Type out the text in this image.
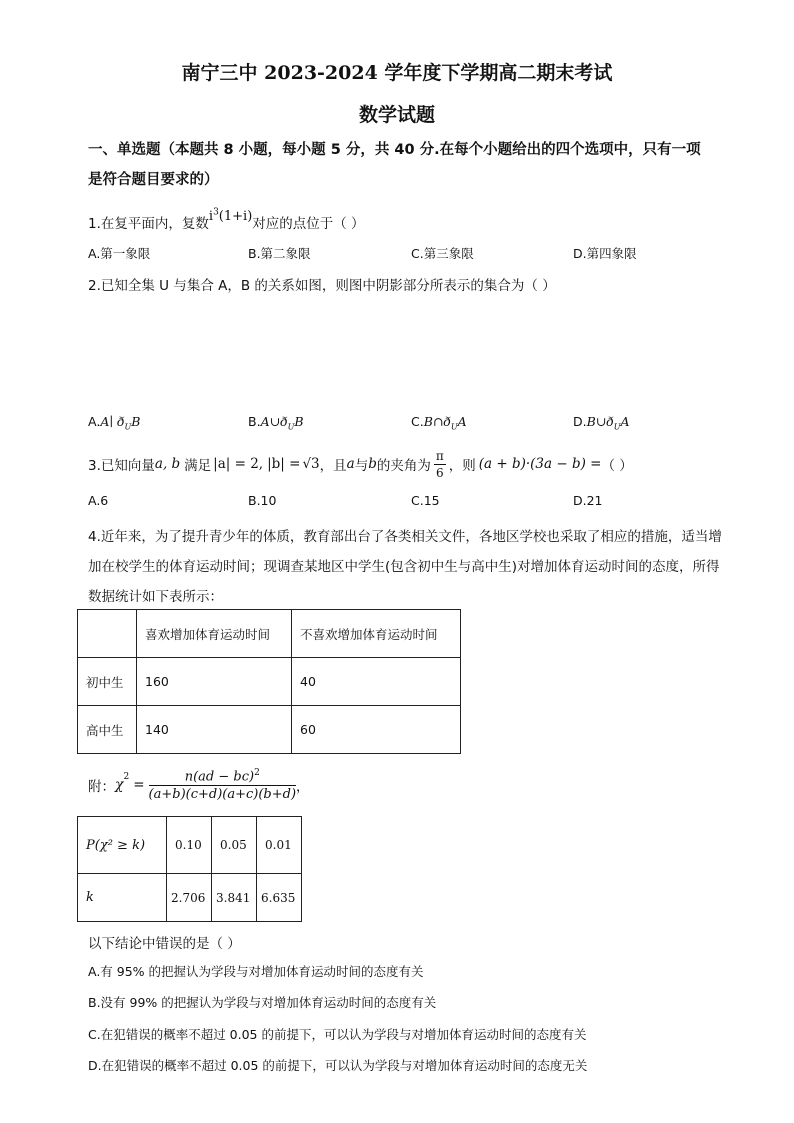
南宁三中 2023-2024 学年度下学期高二期末考试
数学试题
一、单选题（本题共 8 小题，每小题 5 分，共 40 分.在每个小题给出的四个选项中，只有一项
是符合题目要求的）
1.在复平面内，复数$i^3(1+i)$对应的点位于（ ）
A.第一象限	B.第二象限	C.第三象限	D.第四象限
2.已知全集 U 与集合 A，B 的关系如图，则图中阴影部分所表示的集合为（ ）
A.A∣ $ð_UB$	$B.A\cup ð_UB$	$C.B\cap ð_UA$	$D.B\cup ð_UA$
3.已知向量 a, b 满足 |a| = 2, |b| = √3 ，且 a 与 b 的夹角为 $\frac{\pi}{6}$ ，则 (a + b)·(3a − b) = （ ）
A.6	B.10	C.15	D.21
4.近年来，为了提升青少年的体质，教育部出台了各类相关文件，各地区学校也采取了相应的措施，适当增
加在校学生的体育运动时间；现调查某地区中学生(包含初中生与高中生)对增加体育运动时间的态度，所得
数据统计如下表所示：
	喜欢增加体育运动时间	不喜欢增加体育运动时间
初中生	160	40
高中生	140	60
附： $\chi^2 = \frac{n(ad - bc)^2}{(a+b)(c+d)(a+c)(b+d)}$ ，
P(χ² ≥ k)	0.10	0.05	0.01
k	2.706	3.841	6.635
以下结论中错误的是（ ）
A.有 95% 的把握认为学段与对增加体育运动时间的态度有关
B.没有 99% 的把握认为学段与对增加体育运动时间的态度有关
C.在犯错误的概率不超过 0.05 的前提下，可以认为学段与对增加体育运动时间的态度有关
D.在犯错误的概率不超过 0.05 的前提下，可以认为学段与对增加体育运动时间的态度无关
